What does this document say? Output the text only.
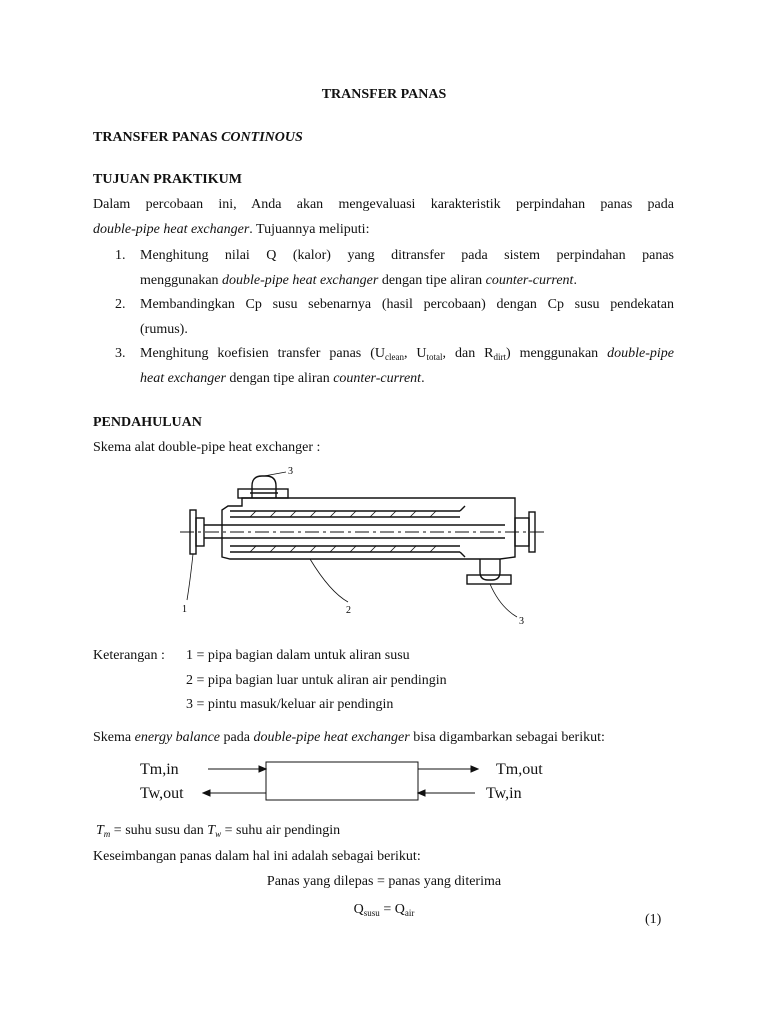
TRANSFER PANAS
TRANSFER PANAS CONTINOUS
TUJUAN PRAKTIKUM
Dalam percobaan ini, Anda akan mengevaluasi karakteristik perpindahan panas pada
double-pipe heat exchanger. Tujuannya meliputi:
1. Menghitung nilai Q (kalor) yang ditransfer pada sistem perpindahan panas
menggunakan double-pipe heat exchanger dengan tipe aliran counter-current.
2. Membandingkan Cp susu sebenarnya (hasil percobaan) dengan Cp susu pendekatan
(rumus).
3. Menghitung koefisien transfer panas ($U_{clean}$, $U_{total}$, dan $R_{dirt}$) menggunakan double-pipe
heat exchanger dengan tipe aliran counter-current.
PENDAHULUAN
Skema alat double-pipe heat exchanger :
3
1	2
3
Keterangan : 1 = pipa bagian dalam untuk aliran susu
2 = pipa bagian luar untuk aliran air pendingin
3 = pintu masuk/keluar air pendingin
Skema energy balance pada double-pipe heat exchanger bisa digambarkan sebagai berikut:
Tm,in
Tw,out
Tm,out
Tw,in
$T_m$ = suhu susu dan $T_w$ = suhu air pendingin
Keseimbangan panas dalam hal ini adalah sebagai berikut:
Panas yang dilepas = panas yang diterima
$Q_{susu} = Q_{air}$	(1)
